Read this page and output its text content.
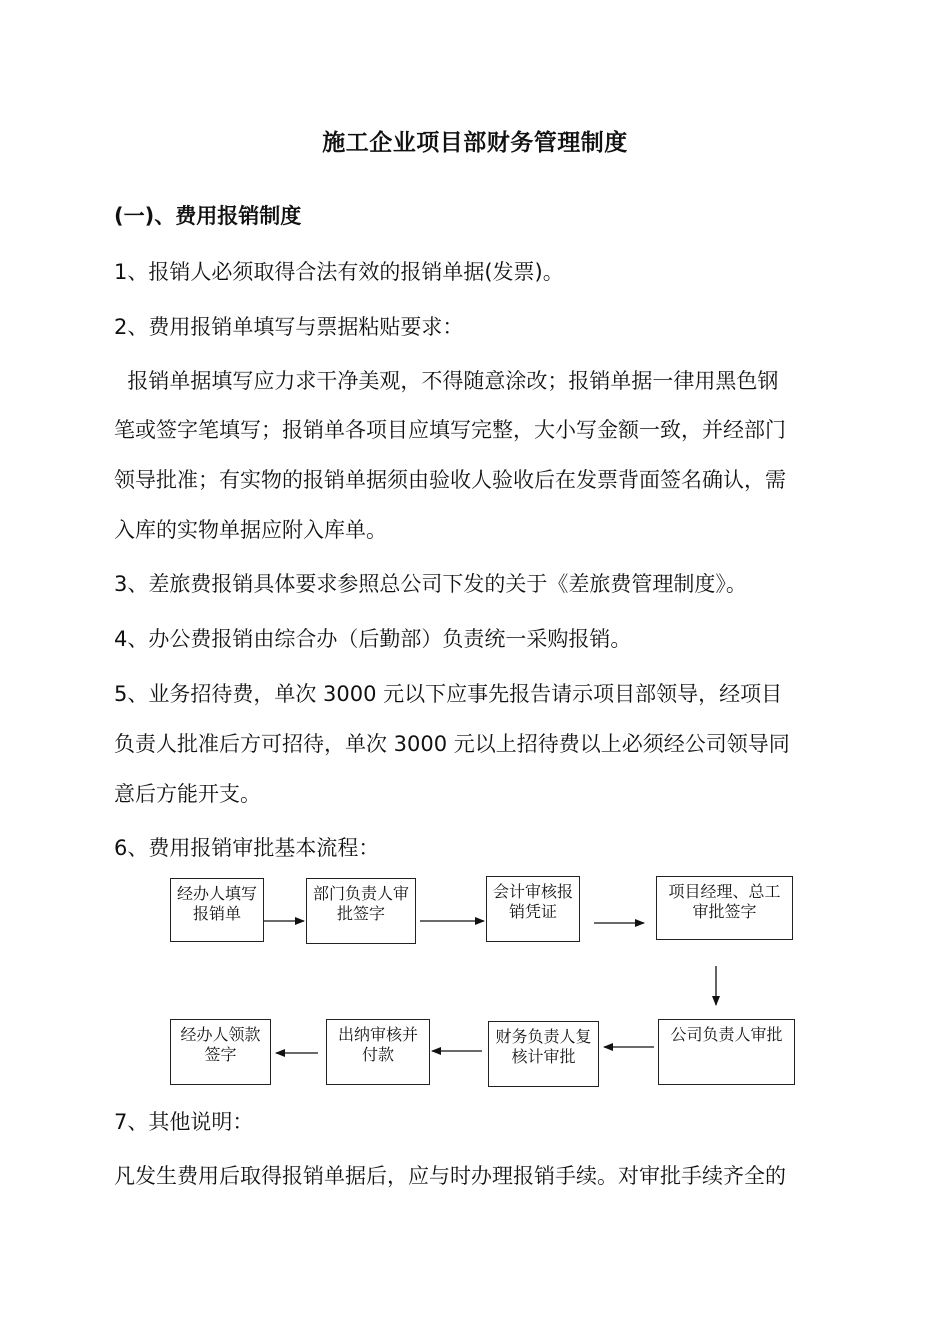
施工企业项目部财务管理制度
(一)、费用报销制度
1、报销人必须取得合法有效的报销单据(发票)。
2、费用报销单填写与票据粘贴要求：
报销单据填写应力求干净美观，不得随意涂改；报销单据一律用黑色钢
笔或签字笔填写；报销单各项目应填写完整，大小写金额一致，并经部门
领导批准；有实物的报销单据须由验收人验收后在发票背面签名确认，需
入库的实物单据应附入库单。
3、差旅费报销具体要求参照总公司下发的关于《差旅费管理制度》。
4、办公费报销由综合办（后勤部）负责统一采购报销。
5、业务招待费，单次 3000 元以下应事先报告请示项目部领导，经项目
负责人批准后方可招待，单次 3000 元以上招待费以上必须经公司领导同
意后方能开支。
6、费用报销审批基本流程：
经办人填写报销单
部门负责人审批签字
会计审核报销凭证
项目经理、总工审批签字
公司负责人审批
财务负责人复核计审批
出纳审核并付款
经办人领款签字
7、其他说明：
凡发生费用后取得报销单据后，应与时办理报销手续。对审批手续齐全的
